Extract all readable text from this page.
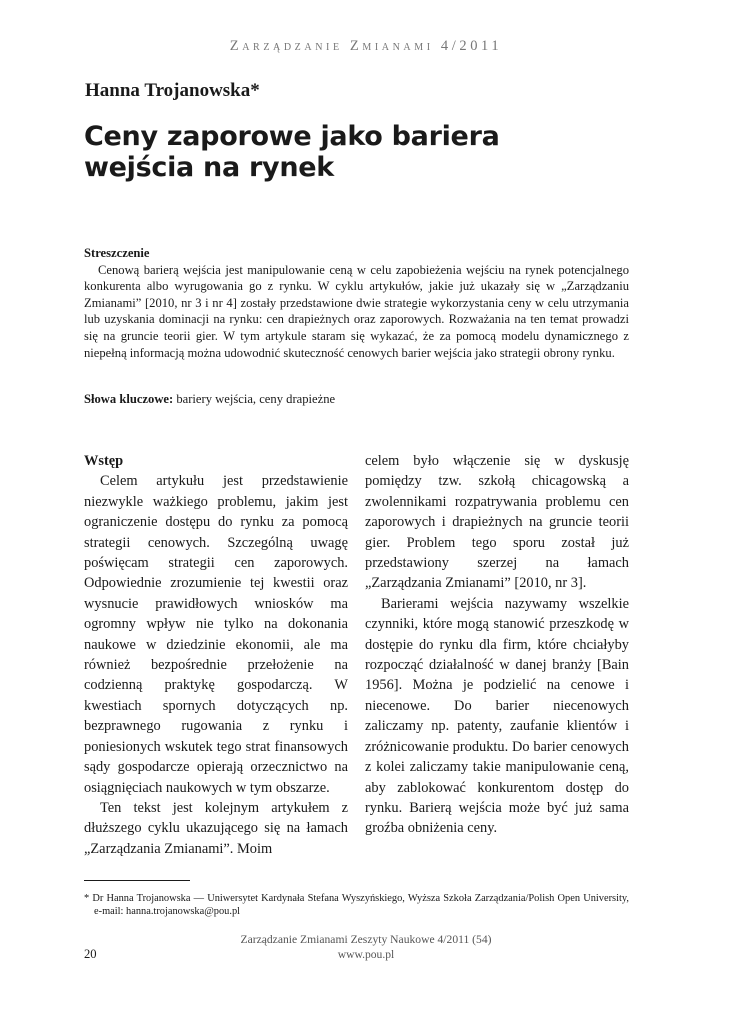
Zarządzanie Zmianami 4/2011
Hanna Trojanowska*
Ceny zaporowe jako bariera
wejścia na rynek
Streszczenie
Cenową barierą wejścia jest manipulowanie ceną w celu zapobieżenia wejściu na rynek potencjalnego konkurenta albo wyrugowania go z rynku. W cyklu artykułów, jakie już ukazały się w „Zarządzaniu Zmianami” [2010, nr 3 i nr 4] zostały przedstawione dwie strategie wykorzystania ceny w celu utrzymania lub uzyskania dominacji na rynku: cen drapieżnych oraz zaporowych. Rozważania na ten temat prowadzi się na gruncie teorii gier. W tym artykule staram się wykazać, że za pomocą modelu dynamicznego z niepełną informacją można udowodnić skuteczność cenowych barier wejścia jako strategii obrony rynku.
Słowa kluczowe: bariery wejścia, ceny drapieżne
Wstęp

Celem artykułu jest przedstawienie niezwykle ważkiego problemu, jakim jest ograniczenie dostępu do rynku za pomocą strategii cenowych. Szczególną uwagę poświęcam strategii cen zaporowych. Odpowiednie zrozumienie tej kwestii oraz wysnucie prawidłowych wniosków ma ogromny wpływ nie tylko na dokonania naukowe w dziedzinie ekonomii, ale ma również bezpośrednie przełożenie na codzienną praktykę gospodarczą. W kwestiach spornych dotyczących np. bezprawnego rugowania z rynku i poniesionych wskutek tego strat finansowych sądy gospodarcze opierają orzecznictwo na osiągnięciach naukowych w tym obszarze.

Ten tekst jest kolejnym artykułem z dłuższego cyklu ukazującego się na łamach „Zarządzania Zmianami”. Moim

celem było włączenie się w dyskusję pomiędzy tzw. szkołą chicagowską a zwolennikami rozpatrywania problemu cen zaporowych i drapieżnych na gruncie teorii gier. Problem tego sporu został już przedstawiony szerzej na łamach „Zarządzania Zmianami” [2010, nr 3].

Barierami wejścia nazywamy wszelkie czynniki, które mogą stanowić przeszkodę w dostępie do rynku dla firm, które chciałyby rozpocząć działalność w danej branży [Bain 1956]. Można je podzielić na cenowe i niecenowe. Do barier niecenowych zaliczamy np. patenty, zaufanie klientów i zróżnicowanie produktu. Do barier cenowych z kolei zaliczamy takie manipulowanie ceną, aby zablokować konkurentom dostęp do rynku. Barierą wejścia może być już sama groźba obniżenia ceny.

* Dr Hanna Trojanowska — Uniwersytet Kardynała Stefana Wyszyńskiego, Wyższa Szkoła Zarządzania/Polish Open University, e-mail: hanna.trojanowska@pou.pl
Zarządzanie Zmianami Zeszyty Naukowe 4/2011 (54)
www.pou.pl
20
